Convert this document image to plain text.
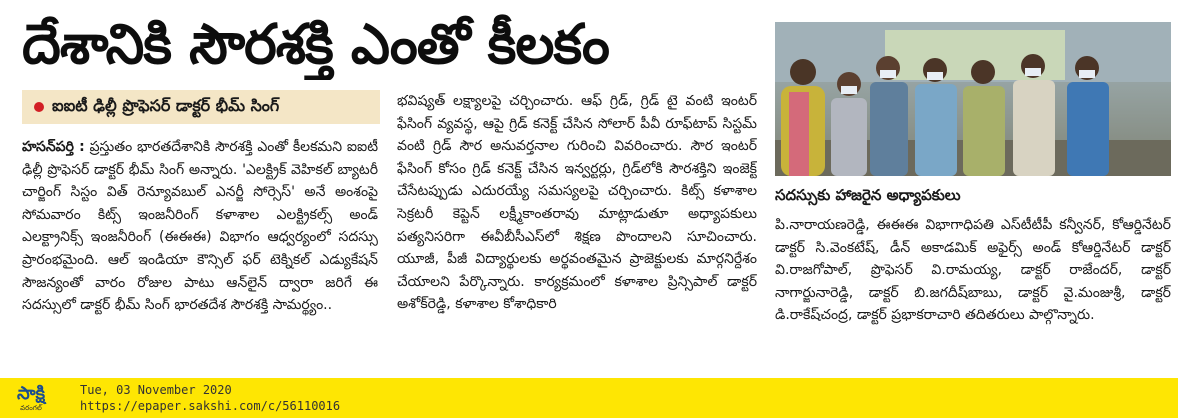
దేశానికి సౌరశక్తి ఎంతో కీలకం
ఐఐటీ ఢిల్లీ ప్రొఫెసర్ డాక్టర్ భీమ్ సింగ్

హసన్‌పర్తి : ప్రస్తుతం భారతదేశానికి సౌరశక్తి ఎంతో కీలకమని ఐఐటీ ఢిల్లీ ప్రొఫెసర్ డాక్టర్ భీమ్ సింగ్ అన్నారు. 'ఎలక్ట్రిక్ వెహికల్ బ్యాటరీ చార్జింగ్ సిస్టం విత్ రెన్యూవబుల్ ఎనర్జీ సోర్సెస్' అనే అంశంపై సోమవారం కిట్స్ ఇంజనీరింగ్ కళాశాల ఎలక్ట్రికల్స్ అండ్ ఎలక్ట్రానిక్స్ ఇంజనీరింగ్ (ఈఈఈ) విభాగం ఆధ్వర్యంలో సదస్సు ప్రారంభమైంది. ఆల్ ఇండియా కౌన్సిల్ ఫర్ టెక్నికల్ ఎడ్యుకేషన్ సౌజన్యంతో వారం రోజుల పాటు ఆన్‌లైన్ ద్వారా జరిగే ఈ సదస్సులో డాక్టర్ భీమ్ సింగ్ భారతదేశ సౌరశక్తి సామర్థ్యం..

భవిష్యత్ లక్ష్యాలపై చర్చించారు. ఆఫ్ గ్రిడ్, గ్రిడ్ టై వంటి ఇంటర్ ఫేసింగ్ వ్యవస్థ, ఆపై గ్రిడ్ కనెక్ట్ చేసిన సోలార్ పీవీ రూఫ్‌టాప్ సిస్టమ్ వంటి గ్రిడ్ సౌర అనువర్తనాల గురించి వివరించారు. సౌర ఇంటర్ ఫేసింగ్ కోసం గ్రిడ్ కనెక్ట్ చేసిన ఇన్వర్టర్లు, గ్రిడ్‌లోకి సౌరశక్తిని ఇంజెక్ట్ చేసేటప్పుడు ఎదురయ్యే సమస్యలపై చర్చించారు. కిట్స్ కళాశాల సెక్రటరీ కెప్టెన్ లక్ష్మీకాంతరావు మాట్లాడుతూ అధ్యాపకులు పత్యనిసరిగా ఈవీబీసీఎస్‌లో శిక్షణ పొందాలని సూచించారు. యూజీ, పీజీ విద్యార్థులకు అర్థవంతమైన ప్రాజెక్టులకు మార్గనిర్దేశం చేయాలని పేర్కొన్నారు. కార్యక్రమంలో కళాశాల ప్రిన్సిపాల్ డాక్టర్ అశోక్‌రెడ్డి, కళాశాల కోశాధికారి

సదస్సుకు హాజరైన అధ్యాపకులు

పి.నారాయణరెడ్డి, ఈఈఈ విభాగాధిపతి ఎస్‌టీటీపీ కన్వీనర్, కోఆర్డినేటర్ డాక్టర్ సి.వెంకటేష్, డీన్ అకాడమిక్ అఫైర్స్ అండ్ కోఆర్డినేటర్ డాక్టర్ వి.రాజగోపాల్, ప్రొఫెసర్ వి.రామయ్య, డాక్టర్ రాజేందర్, డాక్టర్ నాగార్జునారెడ్డి, డాక్టర్ బి.జగదీష్‌బాబు, డాక్టర్ వై.మంజుశ్రీ, డాక్టర్ డి.రాకేష్‌చంద్ర, డాక్టర్ ప్రభాకరాచారి తదితరులు పాల్గొన్నారు.

సాక్షి
వరంగల్
Tue, 03 November 2020
https://epaper.sakshi.com/c/56110016
